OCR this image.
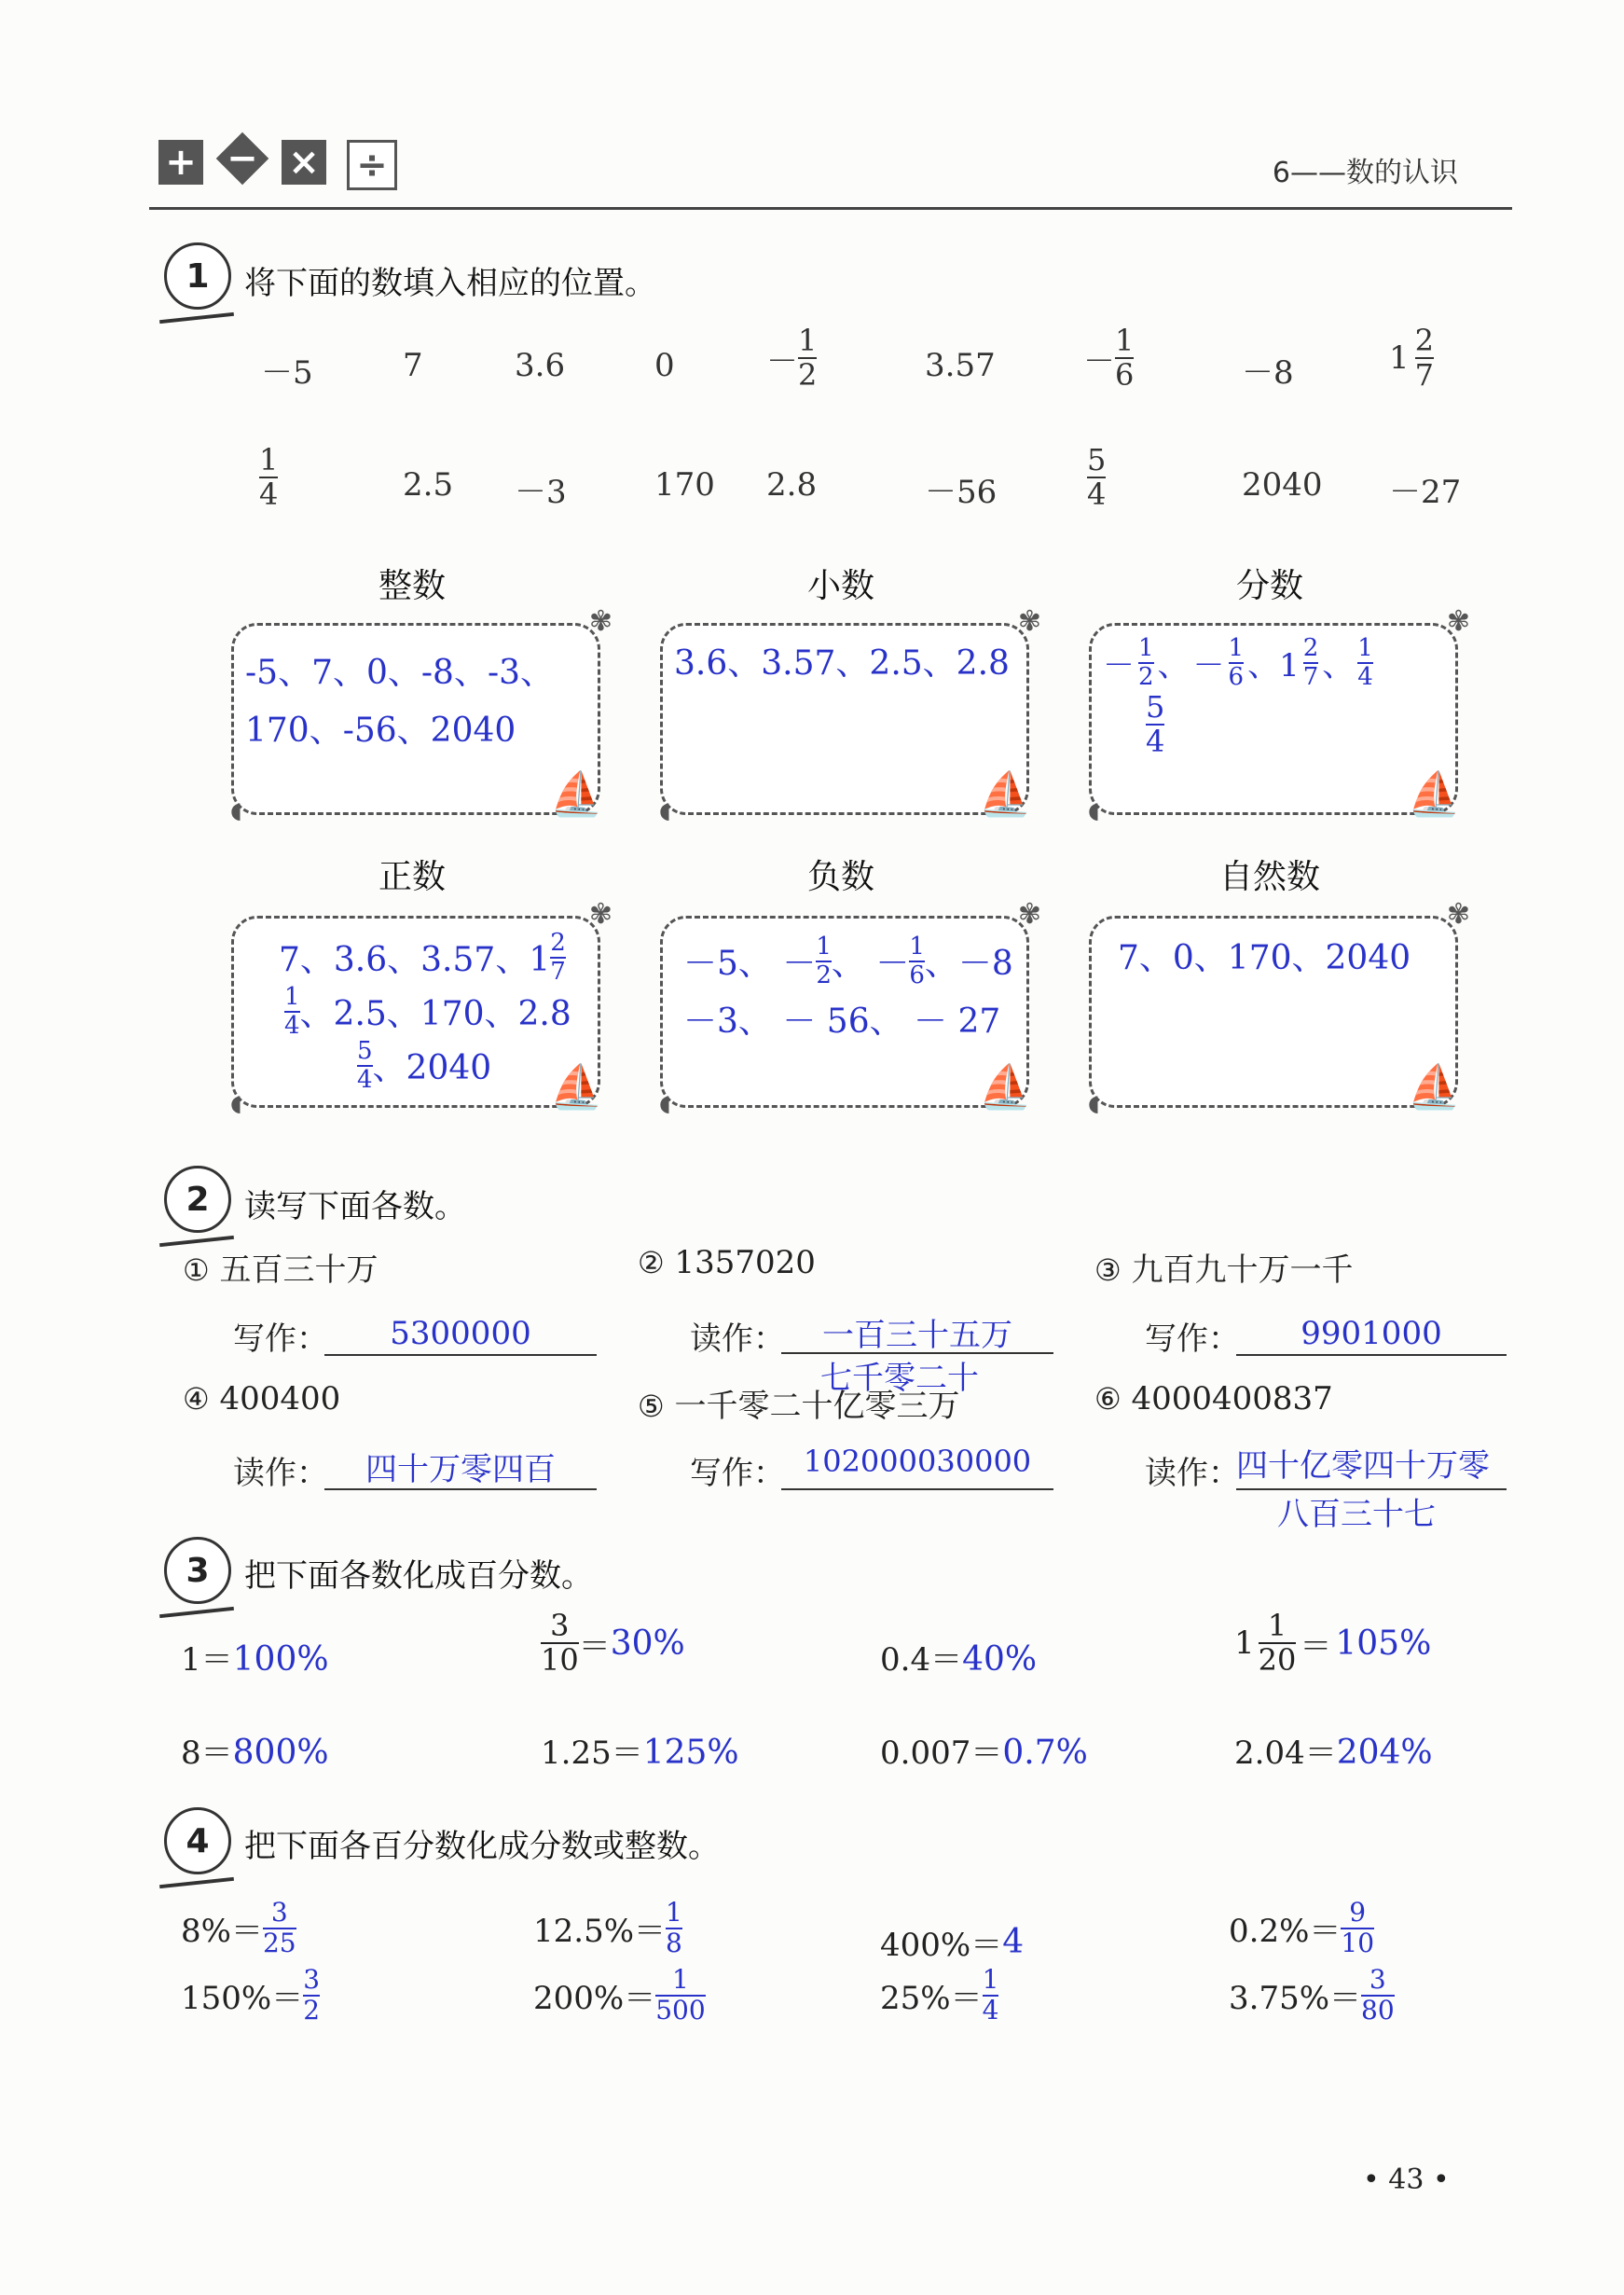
+ − × ÷	6——数的认识
1 将下面的数填入相应的位置。
－5	7	3.6	0	－ $\frac{1}{2}$	3.57	－ $\frac{1}{6}$	－8	$1 \frac{2}{7}$
$\frac{1}{4}$	2.5 －3	170 2.8	－56	$\frac{5}{4}$	2040 －27
整数	小数	分数
-5、7、0、-8、-3、
170、-56、2040
⛵
✾
◖
3.6、3.57、2.5、2.8
⛵
✾
◖
－ $\frac{1}{2}$ 、 － $\frac{1}{6}$ 、$1 \frac{2}{7}$ 、 $\frac{1}{4}$
$\frac{5}{4}$
⛵
✾
◖
正数	负数	自然数
7、3.6、3.57、$1 \frac{2}{7}$
$\frac{1}{4}$ 、2.5、170、2.8
$\frac{5}{4}$ 、2040 ⛵
✾
◖
－5、 － $\frac{1}{2}$ 、 － $\frac{1}{6}$ 、－8
－3、 － 56、 － 27
⛵
✾
◖
7、0、170、2040
⛵
✾
◖
2 读写下面各数。
① 五百三十万
写作：	5300000
② 1357020
读作：	一百三十五万
七千零二十
③ 九百九十万一千
写作：	9901000
④ 400400
读作：	四十万零四百
⑤ 一千零二十亿零三万
写作： 102000030000
⑥ 4000400837
读作：
四十亿零四十万零
八百三十七
3 把下面各数化成百分数。
1＝100%	$\frac{3}{10} = 30\%$	0.4＝40%	$1 \frac{1}{20} = 105\%$
8＝800%	1.25＝125%	0.007＝0.7%	2.04＝204%
4 把下面各百分数化成分数或整数。
$8\%= \frac{3}{25}$	$12.5\%= \frac{1}{8}$	400%＝ 4	$0.2\%= \frac{9}{10}$
$150\%= \frac{3}{2}$	$200\%= \frac{1}{500}$	$25\%= \frac{1}{4}$	$3.75\%= \frac{3}{80}$
• 43 •
